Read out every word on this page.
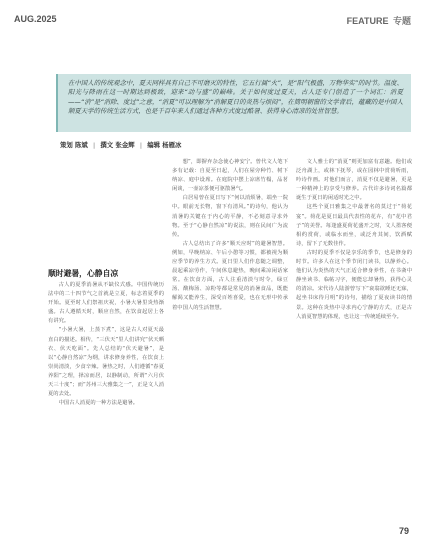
AUG.2025	FEATURE 专题
在中国人的传统观念中，夏天同样具有自己不可磨灭的特性，它五行属“火”，是“阳气极盛，万物华实”的时节。温度、阳光与降雨在这一时期达到极致，迎来“动与盛”的巅峰。关于如何度过夏天，古人还专门创造了一个词汇：消夏——“消”是“消除、度过”之意，“消夏”可以理解为“消解夏日的炎热与烦闷”，在简明朝窗的文学背后，蕴藏的是中国人顺夏天学的传统生活方式，也是千百年来人们通过各种方式度过酷暑、获得身心清凉的处世智慧。
策划 陈斌 | 撰文 张金辉 | 编辑 杨雁冰
顺时避暑，心静自凉

古人的夏季消暑从不缺仪式感。中国传统历法中的二十四节气之首就是立夏，标志着夏季的开始。夏至时人们祭祖庆祝，小暑大暑里炎热渐盛。古人遵循天时，顺应自然，在饮食起居上各有讲究。

“小暑大暑，上蒸下煮”，这是古人对夏天最直白的描述。相传，“三伏天”里人们讲究“伏天晒衣、伏天吃面”。先人总结的“伏天避暑”，是以“心静自然凉”为纲，讲求修身养性，在饮食上崇尚清淡，少食辛辣。暑热之时，人们遵循“春夏养阳”之理，择凉而居，以静制动，所谓“六月伏天三十度”；而“苏州三大雅集之一”，正是文人消夏的去处。

中国古人消夏的一种方法是避暑。

想”，即摒弃杂念使心神安宁。曾代文人笔下多有记载：自夏至日起，人们在屋旁种竹、树下纳凉、庭中设席。在庭院中摆上凉席竹榻，品茗闲谈，一壶凉茶便可驱散暑气。

白居易曾在夏日写下“何以消烦暑，端坐一院中。眼前无长物，窗下有清风。”的诗句，他认为消暑的关键在于内心的平静，不必刻意寻求外物。至于“心静自然凉”的说法，则在民间广为流传。

古人总结出了许多“顺天应时”的避暑智慧。例如，早晚纳凉、午后小憩等习惯，都被视为顺应季节的养生方式。夏日里人们作息随之调整，晨起乘凉劳作，午间休息避热，晚间乘凉闲话家常。在饮食方面，古人注重清淡与时令，绿豆汤、酸梅汤、凉粉等都是常见的消暑食品，既能解渴又能养生，深受百姓喜爱，也在无形中传承着中国人的生活智慧。

文人雅士的“消夏”则更加富有意趣。他们或泛舟湖上，或林下抚琴，或在园林中赏荷听雨，吟诗作画。对他们而言，消夏不仅是避暑，更是一种精神上的享受与修养。古代许多诗词名篇都诞生于夏日的闲适时光之中。

这些个夏日雅集之中最著名的莫过于“荷花宴”。荷花是夏日最具代表性的花卉，有“花中君子”的美誉。每逢盛夏荷花盛开之时，文人墨客便相约赏荷，或临水而坐，或泛舟其间，饮酒赋诗，留下了无数佳作。

古时的夏季不仅是享乐的季节，也是修身的时节。许多人在这个季节闭门读书，以静养心。他们认为炎热的天气正适合修身养性，在书斋中静坐读书、临帖习字，便能忘却暑热，获得心灵的清凉。宋代诗人陆游曾写下“衰翁欲睡还无寐，起坐书床待月明”的诗句，描绘了夏夜读书的情景。这种在炎热中寻求内心宁静的方式，正是古人消夏智慧的体现，也让这一传统延续至今。

79
